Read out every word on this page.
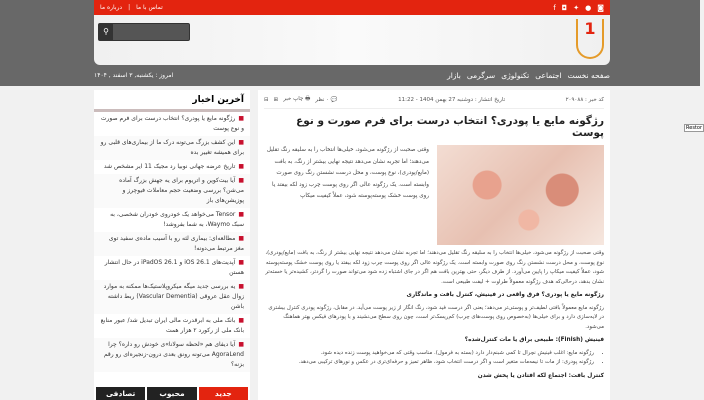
◙
●
✦
◘
f
تماس با ما
|
درباره ما
1
⚲
صفحه نخست
اجتماعی
تکنولوژی
سرگرمی
بازار
امروز : یکشنبه, ۳ اسفند , ۱۴۰۴
آخرین اخبار
■رژگونه مایع یا پودری؟ انتخاب درست برای فرم صورت و نوع پوست
■این کشف بزرگ می‌تونه درک ما از بیماری‌های قلبی رو برای همیشه تغییر بده
■تاریخ عرضه جهانی نوبیا رد مجیک 11 ایر مشخص شد
■آیا بیت‌کوین و اتریوم برای یه جهش بزرگ آماده می‌شن؟ بررسی وضعیت حجم معاملات فیوچرز و پوزیشن‌های باز
■Tensor می‌خواهد یک خودروی خودران شخصی، به سبک Waymo، به شما بفروشد!
■مطالعه‌ای: بیماری لثه رو با آسیب ماده‌ی سفید توی مغز مرتبط می‌دونه!
■آپدیت‌های iOS 26.1 و iPadOS 26.1 در حال انتشار هستن
■یه بررسی جدید میگه میکروپلاستیک‌ها ممکنه به موارد زوال عقل عروقی (Vascular Dementia) ربط داشته باشن
■بانک ملی به ابرقدرت مالی ایران تبدیل شد/ عبور منابع بانک ملی از رکورد ۲ هزار همت
■آیا دیفای هم «لحظه سولانا»ی خودش رو داره؟ چرا AgoraLend می‌تونه رونق بعدی درون-زنجیره‌ای رو رقم بزنه؟
تصادفی	محبوب	جدید
کد خبر : ۲۰۹۰۸۸
تاریخ انتشار : دوشنبه 27 بهمن 1404 - 11:22
💬 ۰ نظر
🖶 چاپ خبر
⊞
⊟
رژگونه مایع یا پودری؟ انتخاب درست برای فرم صورت و نوع پوست

وقتی صحبت از رژگونه می‌شود، خیلی‌ها انتخاب را به سلیقه رنگ تقلیل می‌دهند؛ اما تجربه نشان می‌دهد نتیجه نهایی بیشتر از رنگ، به بافت (مایع/پودری)، نوع پوست، و محل درست نشستن رنگ روی صورت وابسته است. یک رژگونه عالی اگر روی پوست چرب زود لکه بیفتد یا روی پوست خشک پوسته‌پوسته شود، عملاً کیفیت میکاپ

وقتی صحبت از رژگونه می‌شود، خیلی‌ها انتخاب را به سلیقه رنگ تقلیل می‌دهند؛ اما تجربه نشان می‌دهد نتیجه نهایی بیشتر از رنگ، به بافت (مایع/پودری)، نوع پوست، و محل درست نشستن رنگ روی صورت وابسته است. یک رژگونه عالی اگر روی پوست چرب زود لکه بیفتد یا روی پوست خشک پوسته‌پوسته شود، عملاً کیفیت میکاپ را پایین می‌آورد. از طرف دیگر، حتی بهترین بافت هم اگر در جای اشتباه زده شود می‌تواند صورت را گردتر، کشیده‌تر یا خسته‌تر نشان بدهد، درحالی‌که هدف رژگونه معمولاً طراوت + لیفت طبیعی است.

رژگونه مایع یا پودری؟ فرق واقعی در فینیش، کنترل بافت و ماندگاری

رژگونه مایع معمولاً بافتی لطیف‌تر و پوستی‌تر می‌دهد؛ یعنی اگر درست فید شود، رنگ انگار از زیر پوست می‌آید. در مقابل، رژگونه پودری کنترل بیشتری در لایه‌سازی دارد و برای خیلی‌ها (به‌خصوص روی پوست‌های چرب) کم‌ریسک‌تر است، چون روی سطح می‌نشیند و با پودرهای فیکس بهتر هماهنگ می‌شود.

فینیش (Finish): طبیعی براق یا مات کنترل‌شده؟
• رژگونه مایع: اغلب فینیش نچرال تا کمی شبنم‌دار دارد (بسته به فرمول). مناسب وقتی که می‌خواهید پوست زنده دیده شود.
• رژگونه پودری: از مات تا نیمه‌مات متغیر است و اگر درست انتخاب شود، ظاهر تمیز و حرفه‌ای‌تری در عکس و نورهای ترکیبی می‌دهد.
کنترل بافت: اجتماع لکه افتادن یا پخش شدن
Restor
